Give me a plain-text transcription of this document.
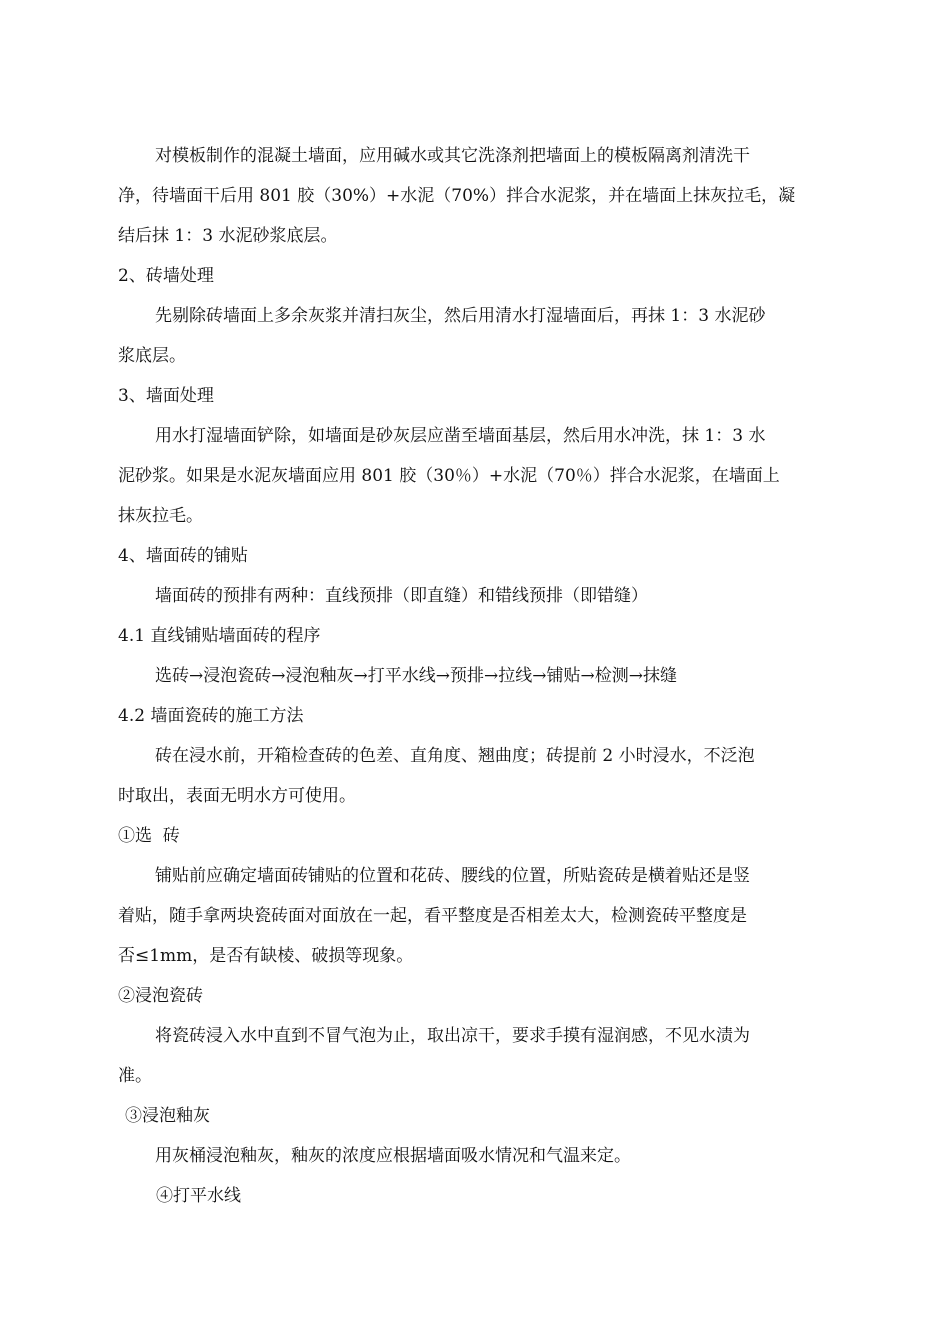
对模板制作的混凝土墙面，应用碱水或其它洗涤剂把墙面上的模板隔离剂清洗干
净，待墙面干后用 801 胶（30%）+水泥（70%）拌合水泥浆，并在墙面上抹灰拉毛，凝
结后抹 1：3 水泥砂浆底层。

2、砖墙处理

先剔除砖墙面上多余灰浆并清扫灰尘，然后用清水打湿墙面后，再抹 1：3 水泥砂
浆底层。

3、墙面处理

用水打湿墙面铲除，如墙面是砂灰层应凿至墙面基层，然后用水冲洗，抹 1：3 水
泥砂浆。如果是水泥灰墙面应用 801 胶（30％）+水泥（70％）拌合水泥浆，在墙面上
抹灰拉毛。

4、墙面砖的铺贴

墙面砖的预排有两种：直线预排（即直缝）和错线预排（即错缝）

4.1 直线铺贴墙面砖的程序

选砖→浸泡瓷砖→浸泡釉灰→打平水线→预排→拉线→铺贴→检测→抹缝

4.2 墙面瓷砖的施工方法

砖在浸水前，开箱检查砖的色差、直角度、翘曲度；砖提前 2 小时浸水，不泛泡
时取出，表面无明水方可使用。

①选  砖

铺贴前应确定墙面砖铺贴的位置和花砖、腰线的位置，所贴瓷砖是横着贴还是竖
着贴，随手拿两块瓷砖面对面放在一起，看平整度是否相差太大，检测瓷砖平整度是
否≤1mm，是否有缺棱、破损等现象。

②浸泡瓷砖

将瓷砖浸入水中直到不冒气泡为止，取出凉干，要求手摸有湿润感，不见水渍为
准。

③浸泡釉灰

用灰桶浸泡釉灰，釉灰的浓度应根据墙面吸水情况和气温来定。

④打平水线
